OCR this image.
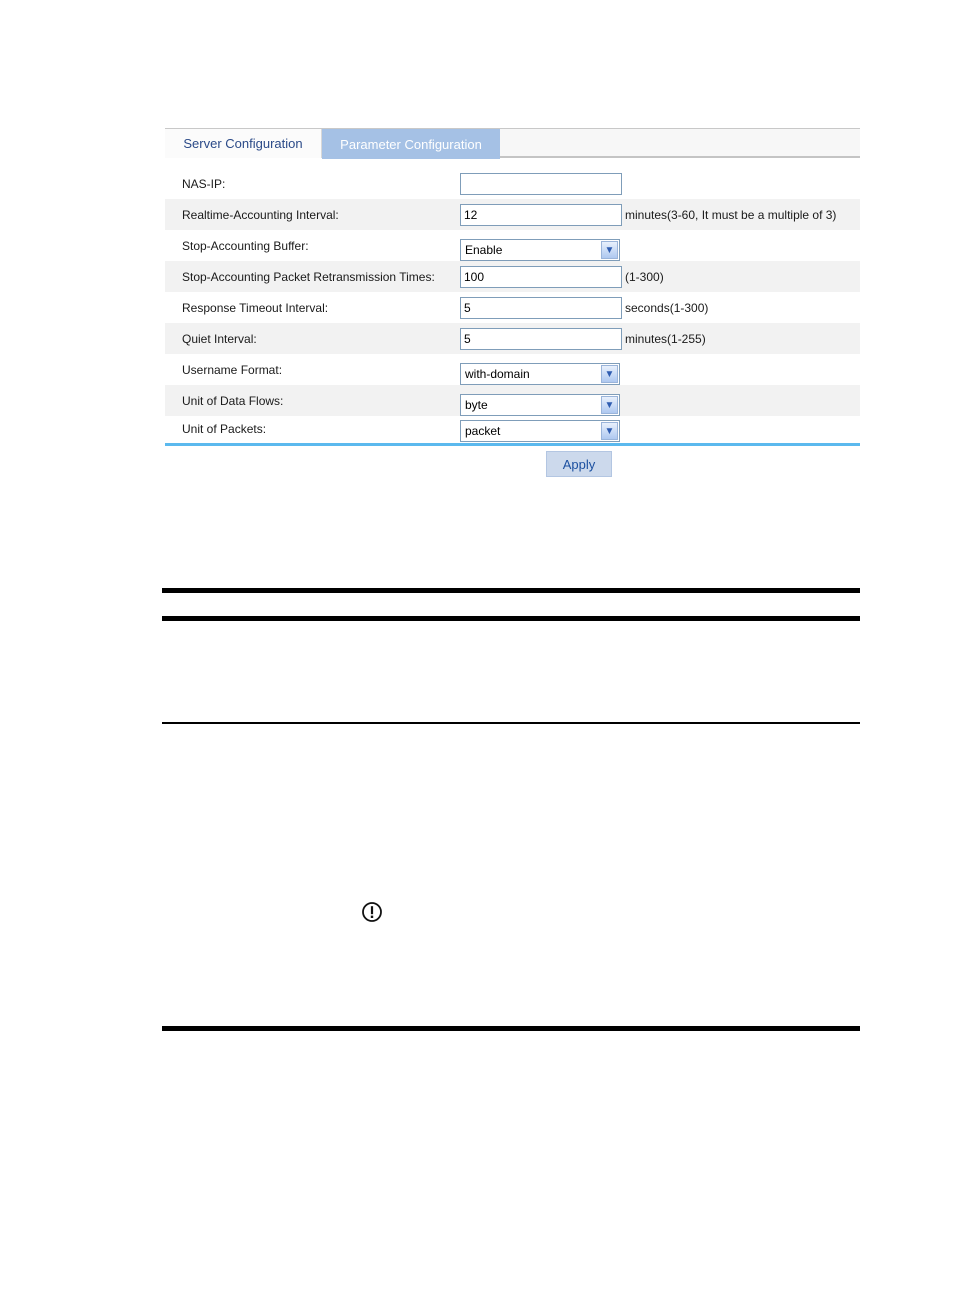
Server Configuration	Parameter Configuration
NAS-IP:
Realtime-Accounting Interval:
12	minutes(3-60, It must be a multiple of 3)
Stop-Accounting Buffer:	Enable	▼
Stop-Accounting Packet Retransmission Times:
100	(1-300)
Response Timeout Interval:
5	seconds(1-300)
Quiet Interval:
5	minutes(1-255)
Username Format:	with-domain	▼
Unit of Data Flows:	byte	▼
Unit of Packets:	packet	▼
Apply
